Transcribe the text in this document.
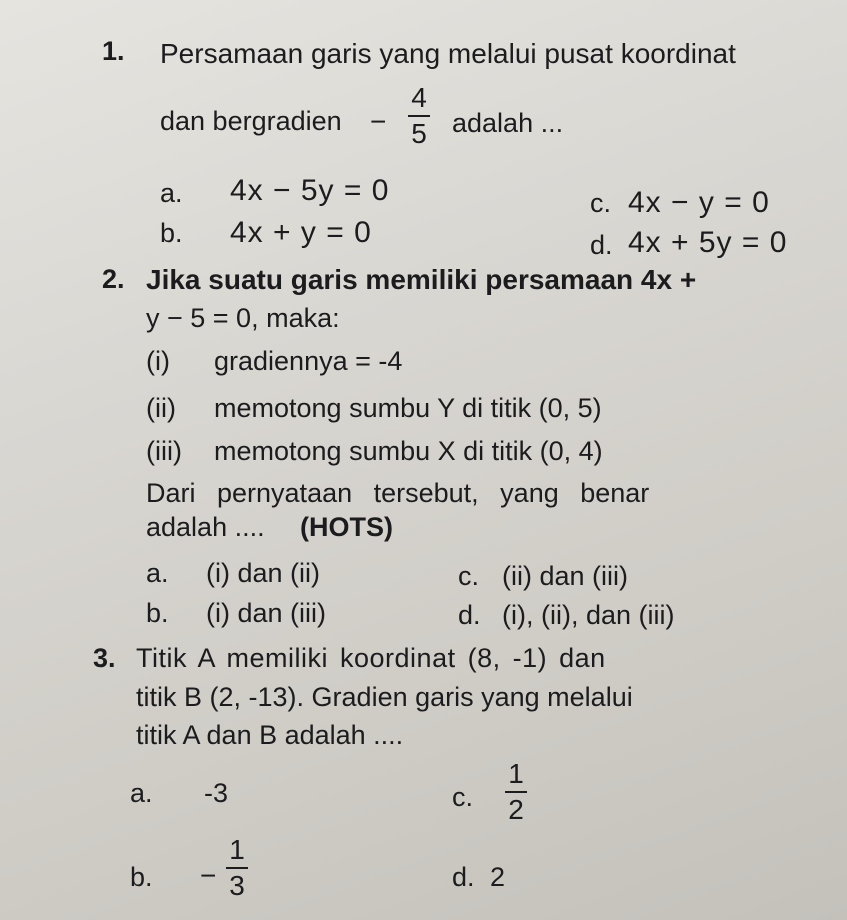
1. Persamaan garis yang melalui pusat koordinat
dan bergradien −
4
5 adalah ...
a. 4x − 5y = 0
b. 4x + y = 0
c. 4x − y = 0
d. 4x + 5y = 0
2. Jika suatu garis memiliki persamaan 4x +
y − 5 = 0, maka:
(i) gradiennya = -4
(ii) memotong sumbu Y di titik (0, 5)
(iii) memotong sumbu X di titik (0, 4)
Dari pernyataan tersebut, yang benar
adalah .... (HOTS)
a. (i) dan (ii)
b. (i) dan (iii)
c. (ii) dan (iii)
d. (i), (ii), dan (iii)
3. Titik A memiliki koordinat (8, -1) dan
titik B (2, -13). Gradien garis yang melalui
titik A dan B adalah ....
a. -3
b. −
1
3
c.
1
2
d. 2
